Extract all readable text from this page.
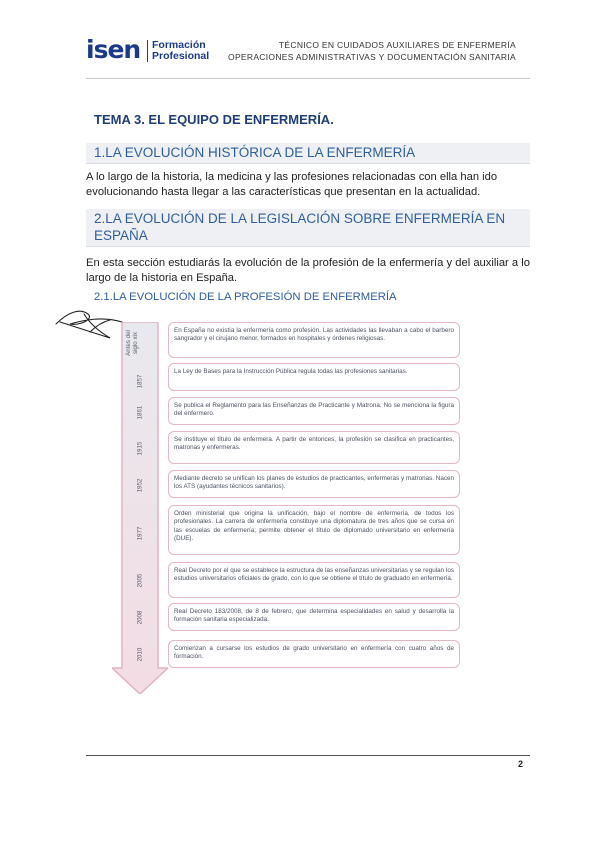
isen Formación
Profesional
TÉCNICO EN CUIDADOS AUXILIARES DE ENFERMERÍA
OPERACIONES ADMINISTRATIVAS Y DOCUMENTACIÓN SANITARIA
TEMA 3. EL EQUIPO DE ENFERMERÍA.
1.LA EVOLUCIÓN HISTÓRICA DE LA ENFERMERÍA
A lo largo de la historia, la medicina y las profesiones relacionadas con ella han ido evolucionando hasta llegar a las características que presentan en la actualidad.
2.LA EVOLUCIÓN DE LA LEGISLACIÓN SOBRE ENFERMERÍA EN ESPAÑA
En esta sección estudiarás la evolución de la profesión de la enfermería y del auxiliar a lo largo de la historia en España.
2.1.LA EVOLUCIÓN DE LA PROFESIÓN DE ENFERMERÍA
Antes del siglo xix
1857
1861
1915
1952
1977
2005
2008
2010
En España no existía la enfermería como profesión. Las actividades las llevaban a cabo el barbero sangrador y el cirujano menor, formados en hospitales y órdenes religiosas.
La Ley de Bases para la Instrucción Pública regula todas las profesiones sanitarias.
Se publica el Reglamento para las Enseñanzas de Practicante y Matrona. No se menciona la figura del enfermero.
Se instituye el título de enfermera. A partir de entonces, la profesión se clasifica en practicantes, matronas y enfermeras.
Mediante decreto se unifican los planes de estudios de practicantes, enfermeras y matronas. Nacen los ATS (ayudantes técnicos sanitarios).
Orden ministerial que origina la unificación, bajo el nombre de enfermería, de todos los profesionales. La carrera de enfermería constituye una diplomatura de tres años que se cursa en las escuelas de enfermería; permite obtener el título de diplomado universitario en enfermería (DUE).
Real Decreto por el que se establece la estructura de las enseñanzas universitarias y se regulan los estudios universitarios oficiales de grado, con lo que se obtiene el título de graduado en enfermería.
Real Decreto 183/2008, de 8 de febrero, que determina especialidades en salud y desarrolla la formación sanitaria especializada.
Comienzan a cursarse los estudios de grado universitario en enfermería con cuatro años de formación.
2
